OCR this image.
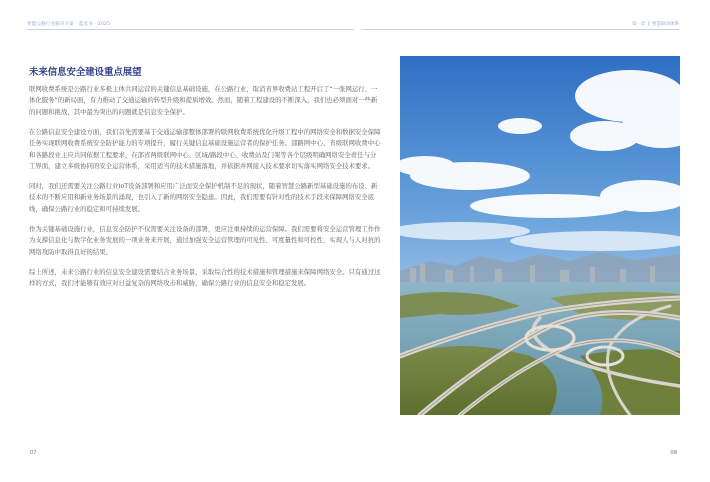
智能公路行业解决方案 · 蓝皮书 · 2025	第一章 智慧联动体系
未来信息安全建设重点展望

联网收费系统是公路行业多极主体共同运营的关键信息基础设施，在公路行业，取消省界收费站工程开启了“一张网运行、一体化服务”的新局面，有力推动了交通运输的转型升级和提质增效。然而，随着工程建设的不断深入，我们也必须面对一些新的问题和挑战，其中最为突出的问题就是信息安全保护。

在公路信息安全建设方面，我们首先需要基于交通运输部整体部署的联网收费系统优化升级工程中的网络安全和数据安全保障任务实现联网收费系统安全防护能力的专项提升，履行关键信息基础设施运营者的保护任务。部路网中心、省级联网收费中心和各路段业主应共同依据工程要求，在部省两级联网中心、区域/路段中心、收费站及门架等各个层级明确网络安全责任与分工界面，建立多级协同的安全运营体系，采用适当的技术措施落地，并依据并网接入技术要求切实落实网络安全技术要求。

同时，我们还需要关注公路行业IoT设备部署和应用广泛而安全保护机制不足的现状，随着智慧公路新型基础设施的布设、新技术的不断应用和新业务场景的涌现，也引入了新的网络安全隐患。因此，我们需要有针对性的技术手段来保障网络安全底线，确保公路行业的稳定和可持续发展。

作为关键基础设施行业，信息安全防护不仅需要关注设备的部署，更应注重持续的运营保障。我们需要将安全运营管理工作作为支撑信息化与数字化业务发展的一项业务来开展，通过加强安全运营管理的可见性、可度量性和可控性，实现人与人对抗的网络攻防中取得良好的结果。

综上所述，未来公路行业的信息安全建设需要结合业务场景，采取综合性的技术措施和管理措施来保障网络安全。只有通过这样的方式，我们才能够有效应对日益复杂的网络攻击和威胁，确保公路行业的信息安全和稳定发展。

07	08
